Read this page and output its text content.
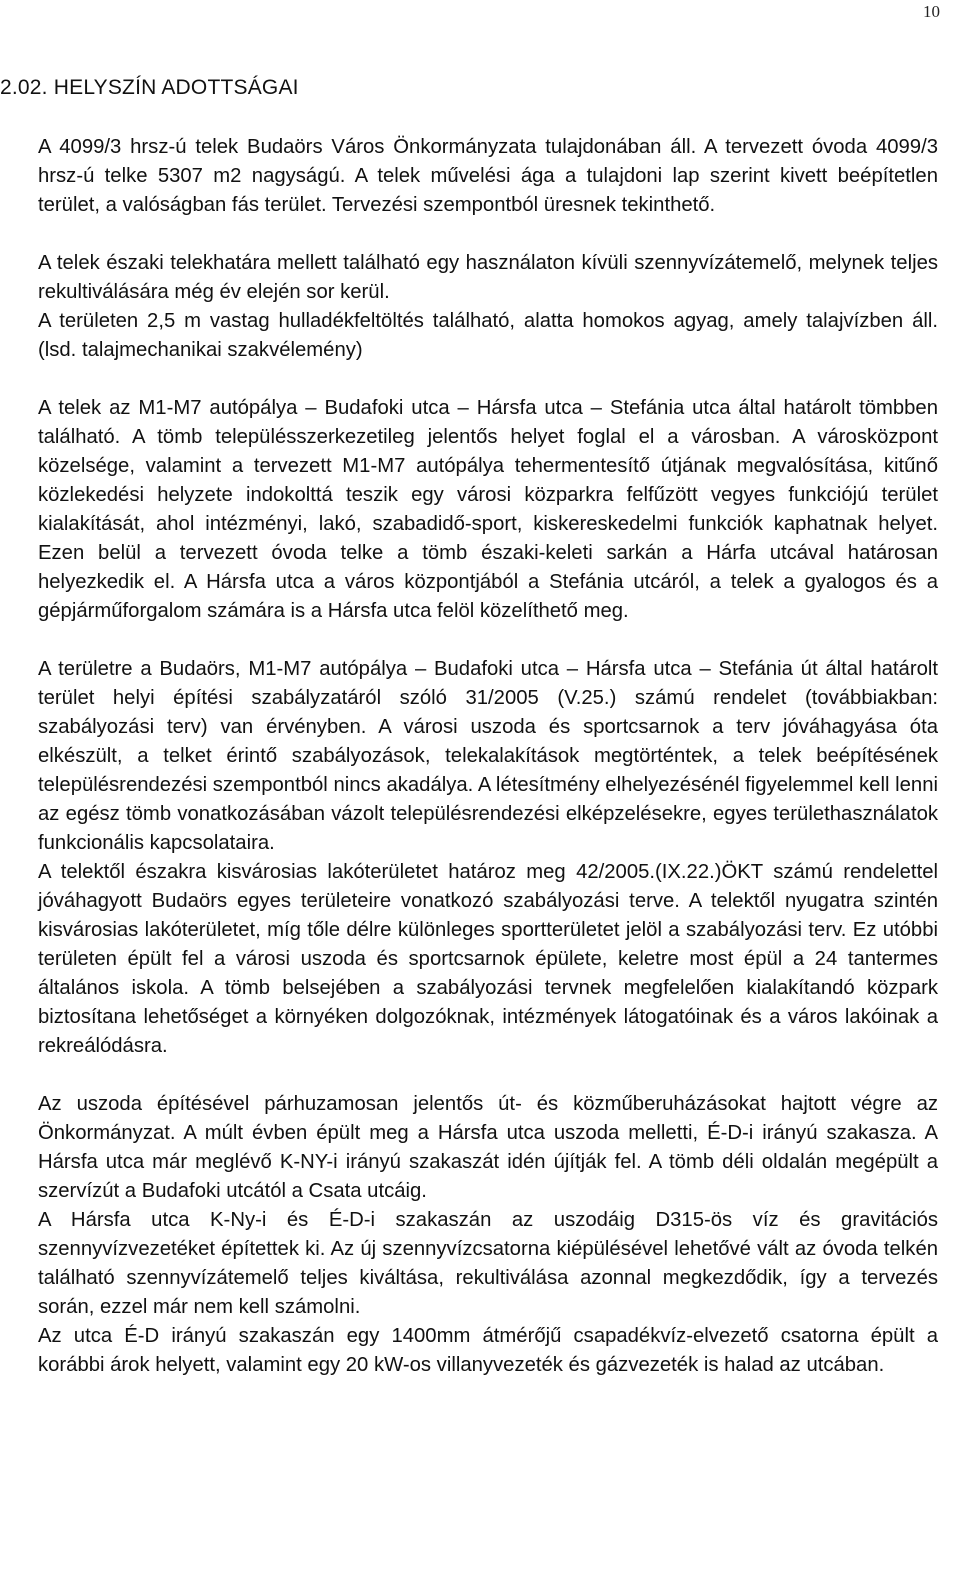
10
2.02. HELYSZÍN ADOTTSÁGAI

A 4099/3 hrsz-ú telek Budaörs Város Önkormányzata tulajdonában áll. A tervezett óvoda 4099/3 hrsz-ú telke 5307 m2 nagyságú. A telek művelési ága a tulajdoni lap szerint kivett beépítetlen terület, a valóságban fás terület. Tervezési szempontból üresnek tekinthető.

A telek északi telekhatára mellett található egy használaton kívüli szennyvízátemelő, melynek teljes rekultiválására még év elején sor kerül.

A területen 2,5 m vastag hulladékfeltöltés található, alatta homokos agyag, amely talajvízben áll. (lsd. talajmechanikai szakvélemény)

A telek az M1-M7 autópálya – Budafoki utca – Hársfa utca – Stefánia utca által határolt tömbben található. A tömb településszerkezetileg jelentős helyet foglal el a városban. A városközpont közelsége, valamint a tervezett M1-M7 autópálya tehermentesítő útjának megvalósítása, kitűnő közlekedési helyzete indokolttá teszik egy városi közparkra felfűzött vegyes funkciójú terület kialakítását, ahol intézményi, lakó, szabadidő-sport, kiskereskedelmi funkciók kaphatnak helyet. Ezen belül a tervezett óvoda telke a tömb északi-keleti sarkán a Hárfa utcával határosan helyezkedik el. A Hársfa utca a város központjából a Stefánia utcáról, a telek a gyalogos és a gépjárműforgalom számára is a Hársfa utca felöl közelíthető meg.

A területre a Budaörs, M1-M7 autópálya – Budafoki utca – Hársfa utca – Stefánia út által határolt terület helyi építési szabályzatáról szóló 31/2005 (V.25.) számú rendelet (továbbiakban: szabályozási terv) van érvényben. A városi uszoda és sportcsarnok a terv jóváhagyása óta elkészült, a telket érintő szabályozások, telekalakítások megtörténtek, a telek beépítésének településrendezési szempontból nincs akadálya. A létesítmény elhelyezésénél figyelemmel kell lenni az egész tömb vonatkozásában vázolt településrendezési elképzelésekre, egyes területhasználatok funkcionális kapcsolataira.

A telektől északra kisvárosias lakóterületet határoz meg 42/2005.(IX.22.)ÖKT számú rendelettel jóváhagyott Budaörs egyes területeire vonatkozó szabályozási terve. A telektől nyugatra szintén kisvárosias lakóterületet, míg tőle délre különleges sportterületet jelöl a szabályozási terv. Ez utóbbi területen épült fel a városi uszoda és sportcsarnok épülete, keletre most épül a 24 tantermes általános iskola. A tömb belsejében a szabályozási tervnek megfelelően kialakítandó közpark biztosítana lehetőséget a környéken dolgozóknak, intézmények látogatóinak és a város lakóinak a rekreálódásra.

Az uszoda építésével párhuzamosan jelentős út- és közműberuházásokat hajtott végre az Önkormányzat. A múlt évben épült meg a Hársfa utca uszoda melletti, É-D-i irányú szakasza. A Hársfa utca már meglévő K-NY-i irányú szakaszát idén újítják fel. A tömb déli oldalán megépült a szervízút a Budafoki utcától a Csata utcáig.

A Hársfa utca K-Ny-i és É-D-i szakaszán az uszodáig D315-ös víz és gravitációs szennyvízvezetéket építettek ki. Az új szennyvízcsatorna kiépülésével lehetővé vált az óvoda telkén található szennyvízátemelő teljes kiváltása, rekultiválása azonnal megkezdődik, így a tervezés során, ezzel már nem kell számolni.

Az utca É-D irányú szakaszán egy 1400mm átmérőjű csapadékvíz-elvezető csatorna épült a korábbi árok helyett, valamint egy 20 kW-os villanyvezeték és gázvezeték is halad az utcában.
